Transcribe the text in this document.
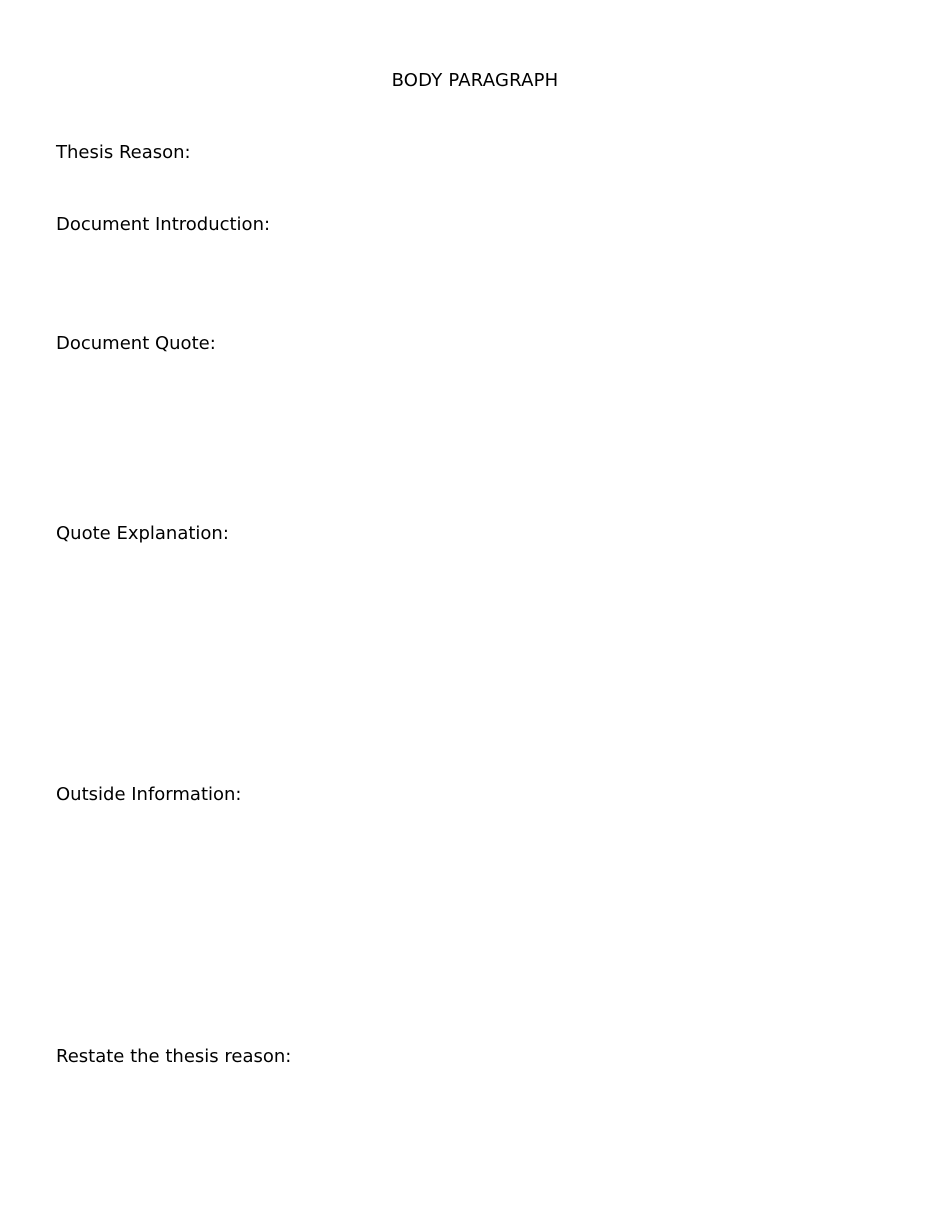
BODY PARAGRAPH
Thesis Reason:
Document Introduction:
Document Quote:
Quote Explanation:
Outside Information:
Restate the thesis reason:
